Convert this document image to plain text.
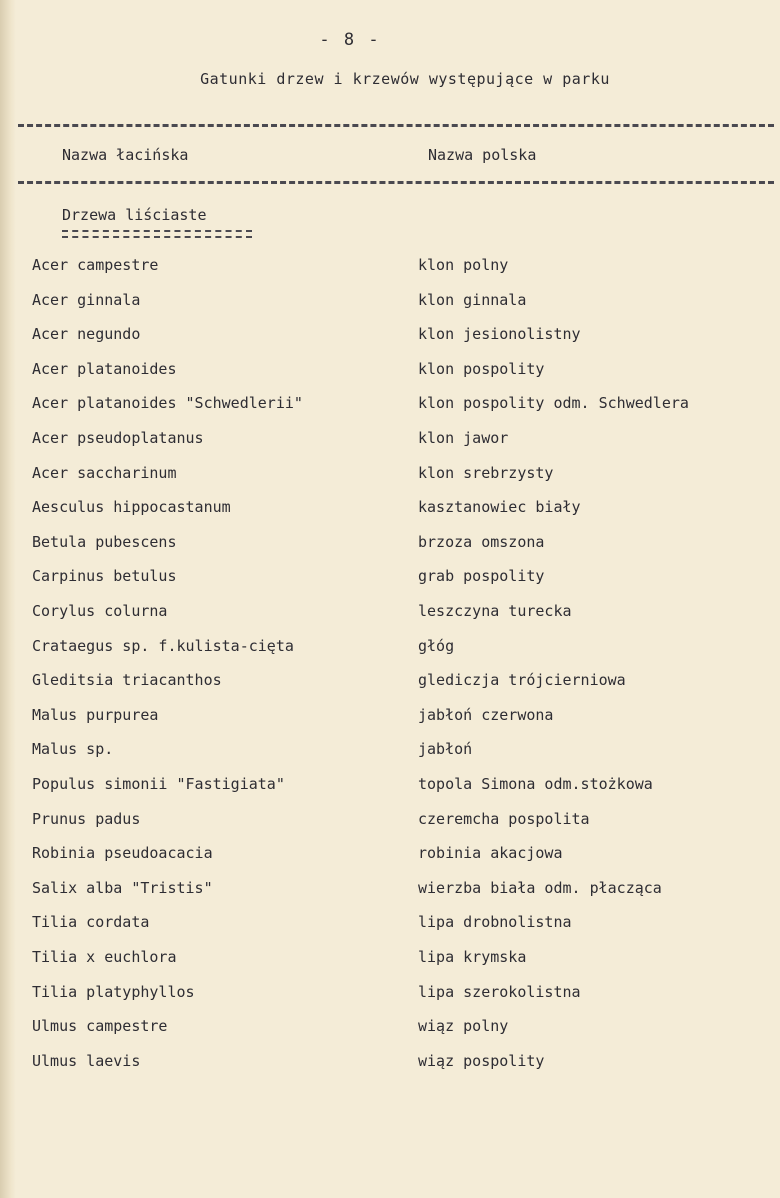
- 8 -
Gatunki drzew i krzewów występujące w parku
Nazwa łacińska	Nazwa polska
Drzewa liściaste
Acer campestre	klon polny
Acer ginnala	klon ginnala
Acer negundo	klon jesionolistny
Acer platanoides	klon pospolity
Acer platanoides "Schwedlerii"	klon pospolity odm. Schwedlera
Acer pseudoplatanus	klon jawor
Acer saccharinum	klon srebrzysty
Aesculus hippocastanum	kasztanowiec biały
Betula pubescens	brzoza omszona
Carpinus betulus	grab pospolity
Corylus colurna	leszczyna turecka
Crataegus sp. f.kulista-cięta	głóg
Gleditsia triacanthos	glediczja trójcierniowa
Malus purpurea	jabłoń czerwona
Malus sp.	jabłoń
Populus simonii "Fastigiata"	topola Simona odm.stożkowa
Prunus padus	czeremcha pospolita
Robinia pseudoacacia	robinia akacjowa
Salix alba "Tristis"	wierzba biała odm. płacząca
Tilia cordata	lipa drobnolistna
Tilia x euchlora	lipa krymska
Tilia platyphyllos	lipa szerokolistna
Ulmus campestre	wiąz polny
Ulmus laevis	wiąz pospolity
